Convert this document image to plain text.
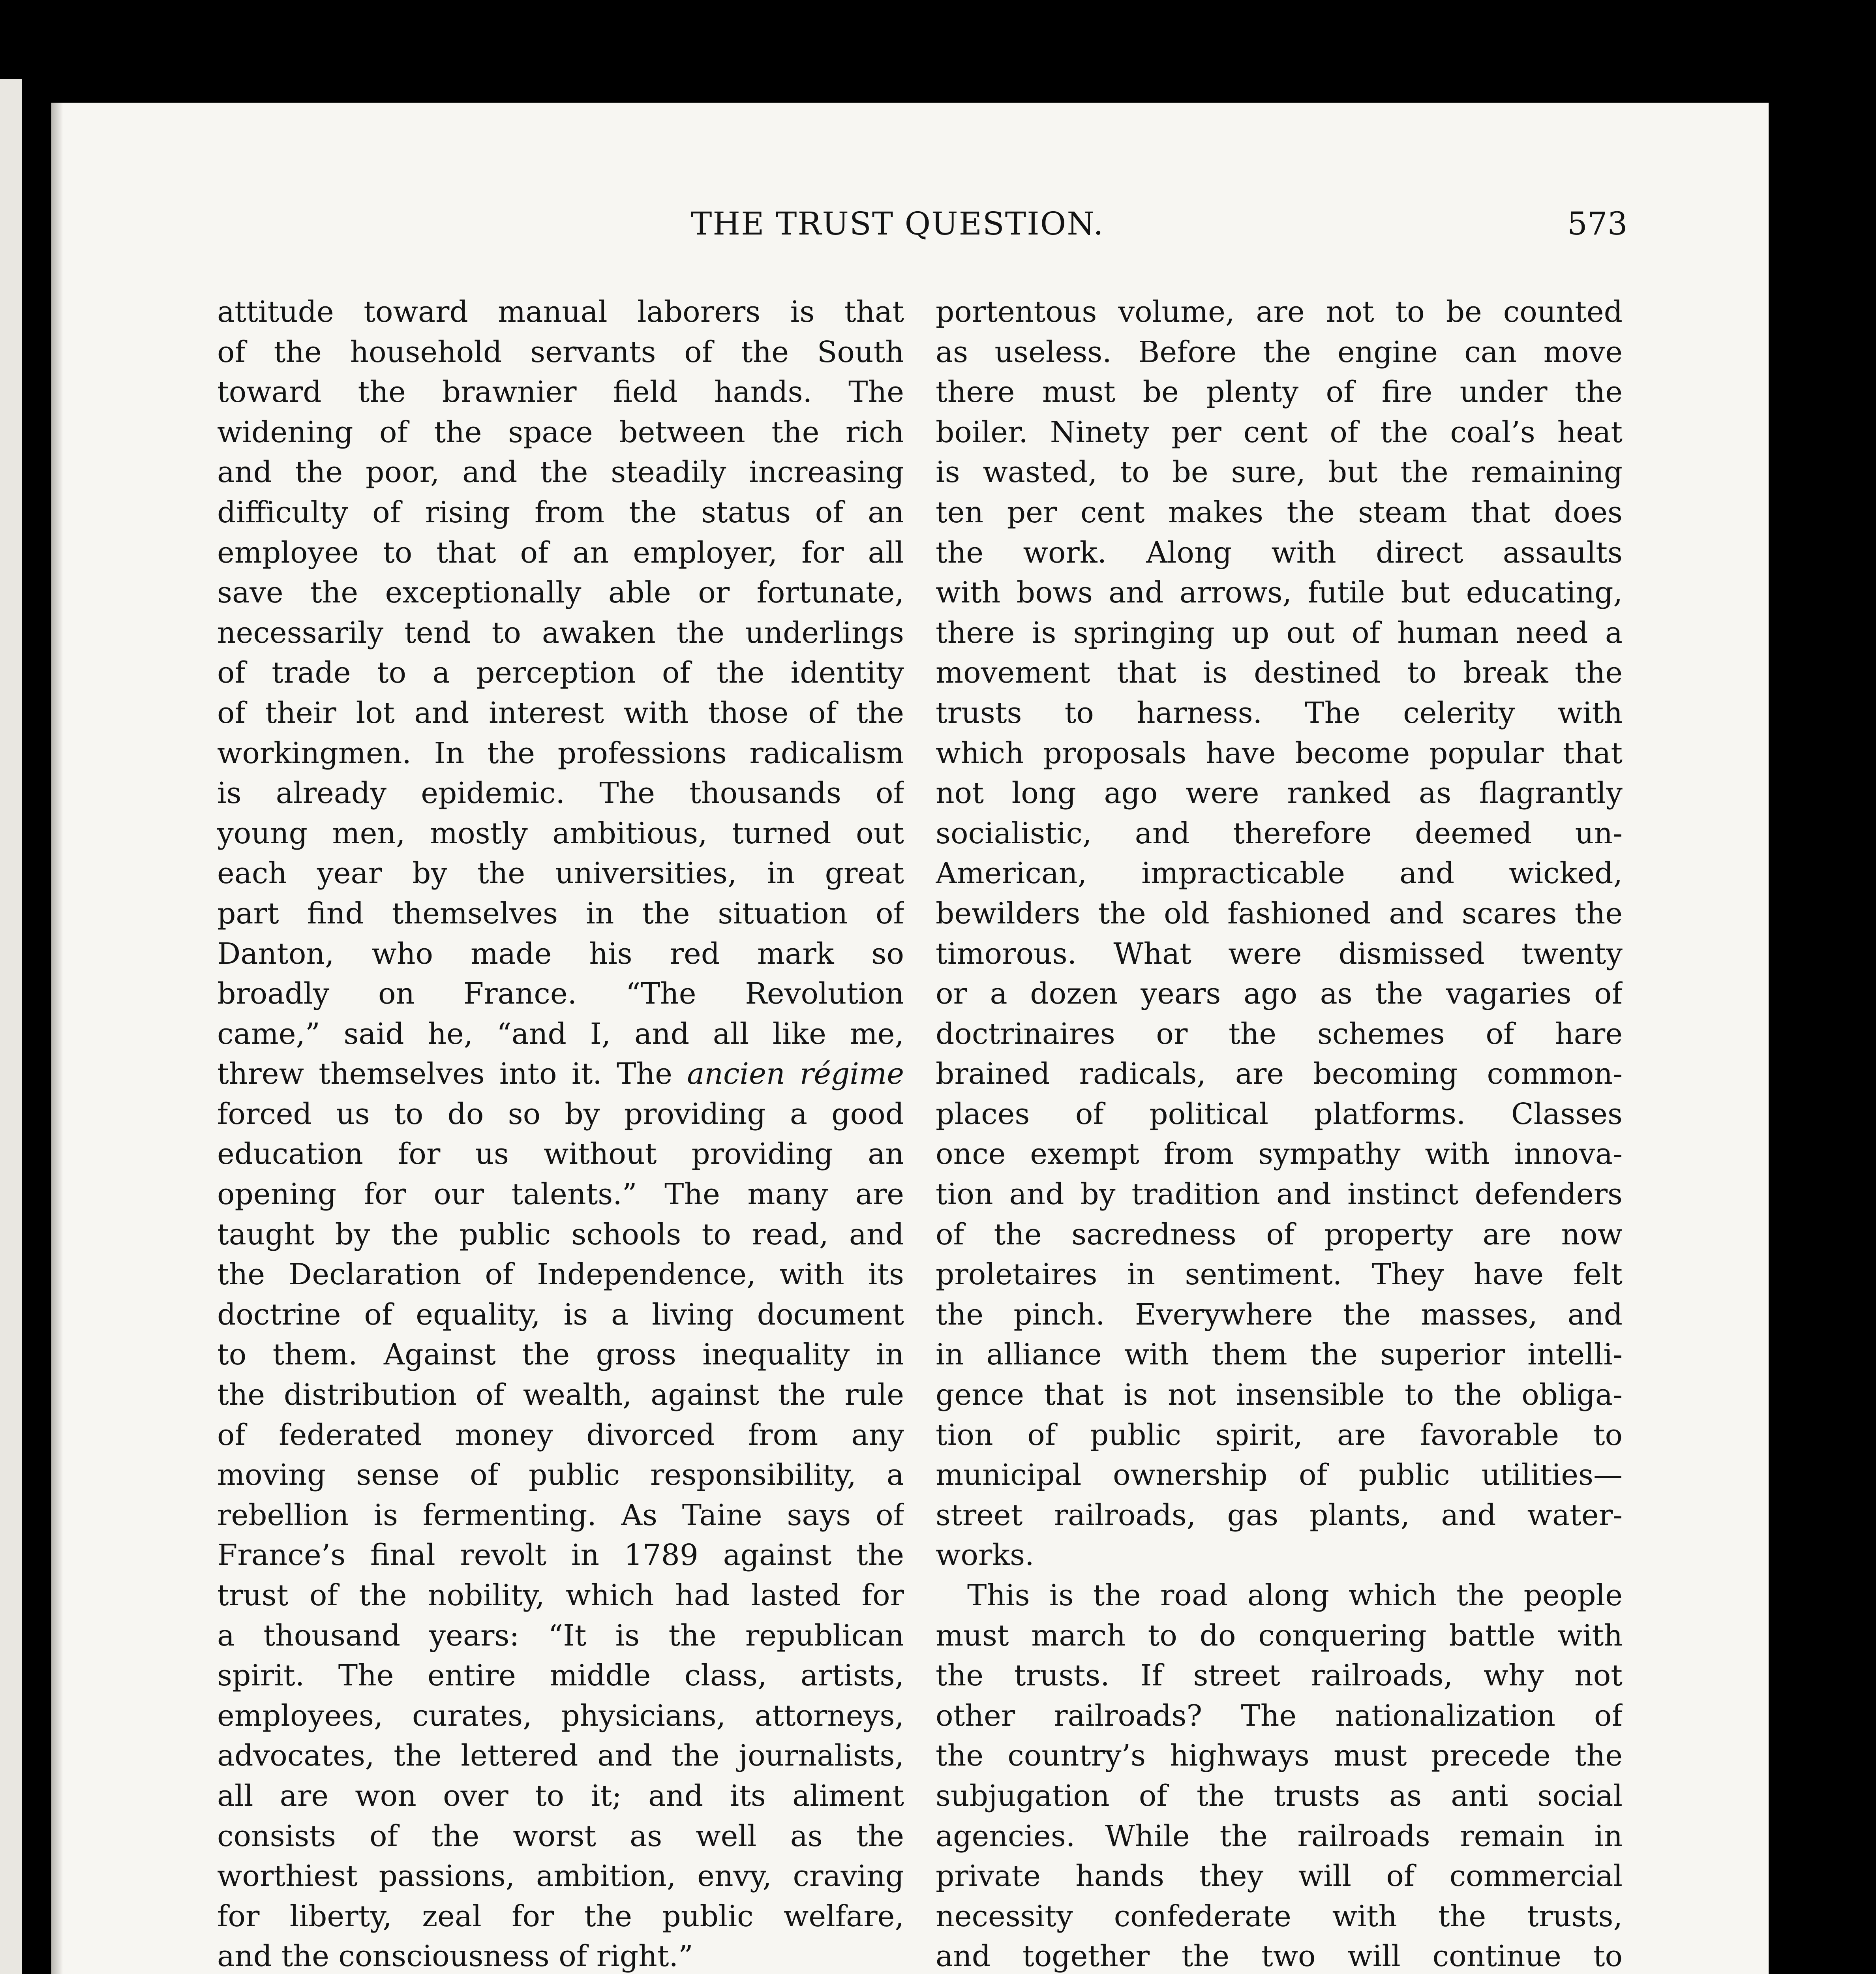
THE TRUST QUESTION.	573
attitude toward manual laborers is that
of the household servants of the South
toward the brawnier field hands. The
widening of the space between the rich
and the poor, and the steadily increasing
difficulty of rising from the status of an
employee to that of an employer, for all
save the exceptionally able or fortunate,
necessarily tend to awaken the underlings
of trade to a perception of the identity
of their lot and interest with those of the
workingmen. In the professions radicalism
is already epidemic. The thousands of
young men, mostly ambitious, turned out
each year by the universities, in great
part find themselves in the situation of
Danton, who made his red mark so
broadly on France. “The Revolution
came,” said he, “and I, and all like me,
threw themselves into it. The ancien régime
forced us to do so by providing a good
education for us without providing an
opening for our talents.” The many are
taught by the public schools to read, and
the Declaration of Independence, with its
doctrine of equality, is a living document
to them. Against the gross inequality in
the distribution of wealth, against the rule
of federated money divorced from any
moving sense of public responsibility, a
rebellion is fermenting. As Taine says of
France’s final revolt in 1789 against the
trust of the nobility, which had lasted for
a thousand years: “It is the republican
spirit. The entire middle class, artists,
employees, curates, physicians, attorneys,
advocates, the lettered and the journalists,
all are won over to it; and its aliment
consists of the worst as well as the
worthiest passions, ambition, envy, craving
for liberty, zeal for the public welfare,
and the consciousness of right.”
portentous volume, are not to be counted
as useless. Before the engine can move
there must be plenty of fire under the
boiler. Ninety per cent of the coal’s heat
is wasted, to be sure, but the remaining
ten per cent makes the steam that does
the work. Along with direct assaults
with bows and arrows, futile but educating,
there is springing up out of human need a
movement that is destined to break the
trusts to harness. The celerity with
which proposals have become popular that
not long ago were ranked as flagrantly
socialistic, and therefore deemed un-
American, impracticable and wicked,
bewilders the old fashioned and scares the
timorous. What were dismissed twenty
or a dozen years ago as the vagaries of
doctrinaires or the schemes of hare
brained radicals, are becoming common-
places of political platforms. Classes
once exempt from sympathy with innova-
tion and by tradition and instinct defenders
of the sacredness of property are now
proletaires in sentiment. They have felt
the pinch. Everywhere the masses, and
in alliance with them the superior intelli-
gence that is not insensible to the obliga-
tion of public spirit, are favorable to
municipal ownership of public utilities—
street railroads, gas plants, and water-
works.
This is the road along which the people
must march to do conquering battle with
the trusts. If street railroads, why not
other railroads? The nationalization of
the country’s highways must precede the
subjugation of the trusts as anti social
agencies. While the railroads remain in
private hands they will of commercial
necessity confederate with the trusts,
and together the two will continue to
